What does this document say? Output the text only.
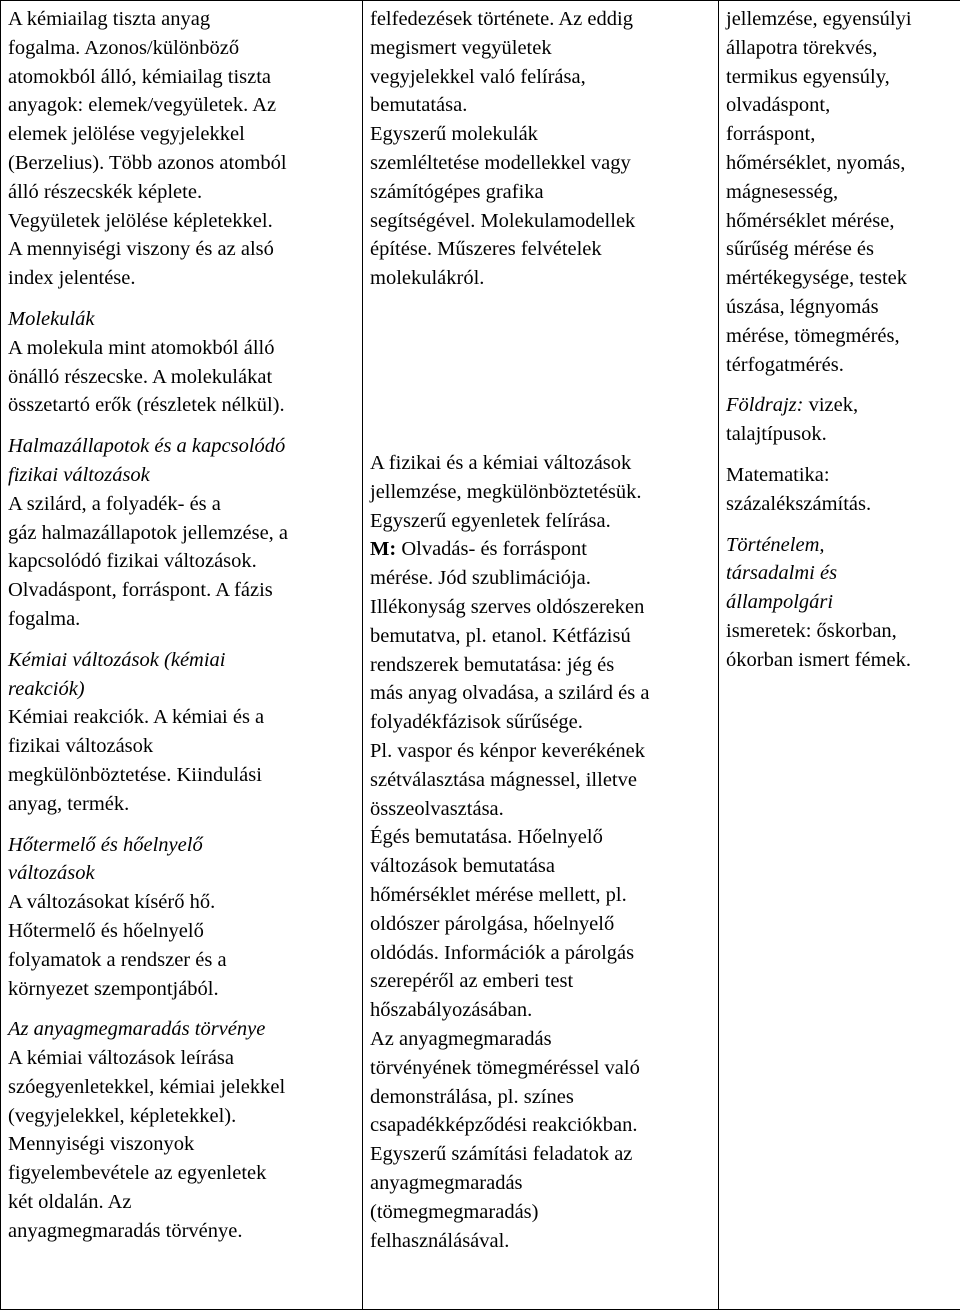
A kémiailag tiszta anyag
fogalma. Azonos/különböző
atomokból álló, kémiailag tiszta
anyagok: elemek/vegyületek. Az
elemek jelölése vegyjelekkel
(Berzelius). Több azonos atomból
álló részecskék képlete.
Vegyületek jelölése képletekkel.
A mennyiségi viszony és az alsó
index jelentése.
Molekulák
A molekula mint atomokból álló
önálló részecske. A molekulákat
összetartó erők (részletek nélkül).
Halmazállapotok és a kapcsolódó
fizikai változások
A szilárd, a folyadék- és a
gáz halmazállapotok jellemzése, a
kapcsolódó fizikai változások.
Olvadáspont, forráspont. A fázis
fogalma.
Kémiai változások (kémiai
reakciók)
Kémiai reakciók. A kémiai és a
fizikai változások
megkülönböztetése. Kiindulási
anyag, termék.
Hőtermelő és hőelnyelő
változások
A változásokat kísérő hő.
Hőtermelő és hőelnyelő
folyamatok a rendszer és a
környezet szempontjából.
Az anyagmegmaradás törvénye
A kémiai változások leírása
szóegyenletekkel, kémiai jelekkel
(vegyjelekkel, képletekkel).
Mennyiségi viszonyok
figyelembevétele az egyenletek
két oldalán. Az
anyagmegmaradás törvénye.

felfedezések története. Az eddig
megismert vegyületek
vegyjelekkel való felírása,
bemutatása.
Egyszerű molekulák
szemléltetése modellekkel vagy
számítógépes grafika
segítségével. Molekulamodellek
építése. Műszeres felvételek
molekulákról.
A fizikai és a kémiai változások
jellemzése, megkülönböztetésük.
Egyszerű egyenletek felírása.
M: Olvadás- és forráspont
mérése. Jód szublimációja.
Illékonyság szerves oldószereken
bemutatva, pl. etanol. Kétfázisú
rendszerek bemutatása: jég és
más anyag olvadása, a szilárd és a
folyadékfázisok sűrűsége.
Pl. vaspor és kénpor keverékének
szétválasztása mágnessel, illetve
összeolvasztása.
Égés bemutatása. Hőelnyelő
változások bemutatása
hőmérséklet mérése mellett, pl.
oldószer párolgása, hőelnyelő
oldódás. Információk a párolgás
szerepéről az emberi test
hőszabályozásában.
Az anyagmegmaradás
törvényének tömegméréssel való
demonstrálása, pl. színes
csapadékképződési reakciókban.
Egyszerű számítási feladatok az
anyagmegmaradás
(tömegmegmaradás)
felhasználásával.

jellemzése, egyensúlyi
állapotra törekvés,
termikus egyensúly,
olvadáspont,
forráspont,
hőmérséklet, nyomás,
mágnesesség,
hőmérséklet mérése,
sűrűség mérése és
mértékegysége, testek
úszása, légnyomás
mérése, tömegmérés,
térfogatmérés.
Földrajz: vizek,
talajtípusok.
Matematika:
százalékszámítás.
Történelem,
társadalmi és
állampolgári
ismeretek: őskorban,
ókorban ismert fémek.
